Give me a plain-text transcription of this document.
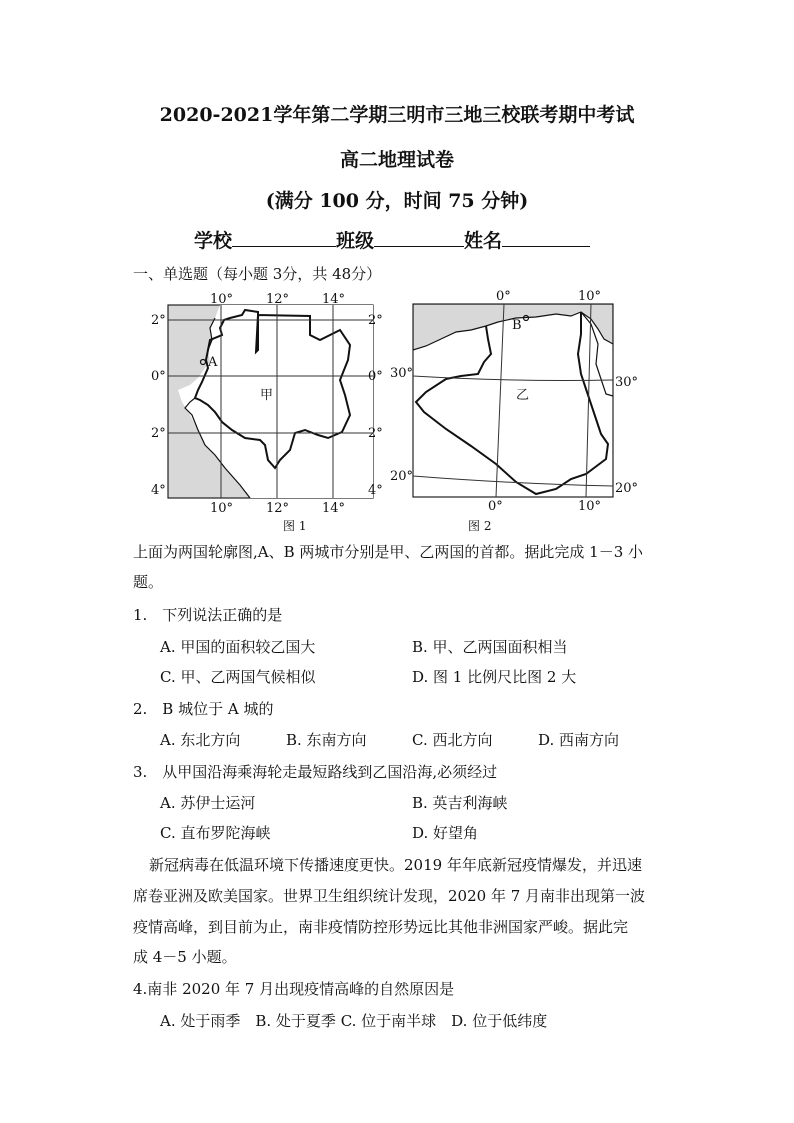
2020-2021学年第二学期三明市三地三校联考期中考试
高二地理试卷
(满分 100 分，时间 75 分钟)
学校	班级	姓名
一、单选题（每小题 3分，共 48分）
A
甲
10°	12°	14°
10°	12°	14°
2°
0°
2°
4°
2°
0°
2°
4°
B
乙
0°	10°
0°	10°
30°
20°
30°
20°
图 1	图 2
上面为两国轮廓图,A、B 两城市分别是甲、乙两国的首都。据此完成 1－3 小
题。
1.　下列说法正确的是
A. 甲国的面积较乙国大	B. 甲、乙两国面积相当
C. 甲、乙两国气候相似	D. 图 1 比例尺比图 2 大
2.　B 城位于 A 城的
A. 东北方向	B. 东南方向	C. 西北方向	D. 西南方向
3.　从甲国沿海乘海轮走最短路线到乙国沿海,必须经过
A. 苏伊士运河	B. 英吉利海峡
C. 直布罗陀海峡	D. 好望角
新冠病毒在低温环境下传播速度更快。2019 年年底新冠疫情爆发，并迅速
席卷亚洲及欧美国家。世界卫生组织统计发现，2020 年 7 月南非出现第一波
疫情高峰，到目前为止，南非疫情防控形势远比其他非洲国家严峻。据此完
成 4－5 小题。
4.南非 2020 年 7 月出现疫情高峰的自然原因是
A. 处于雨季　B. 处于夏季 C. 位于南半球　D. 位于低纬度
